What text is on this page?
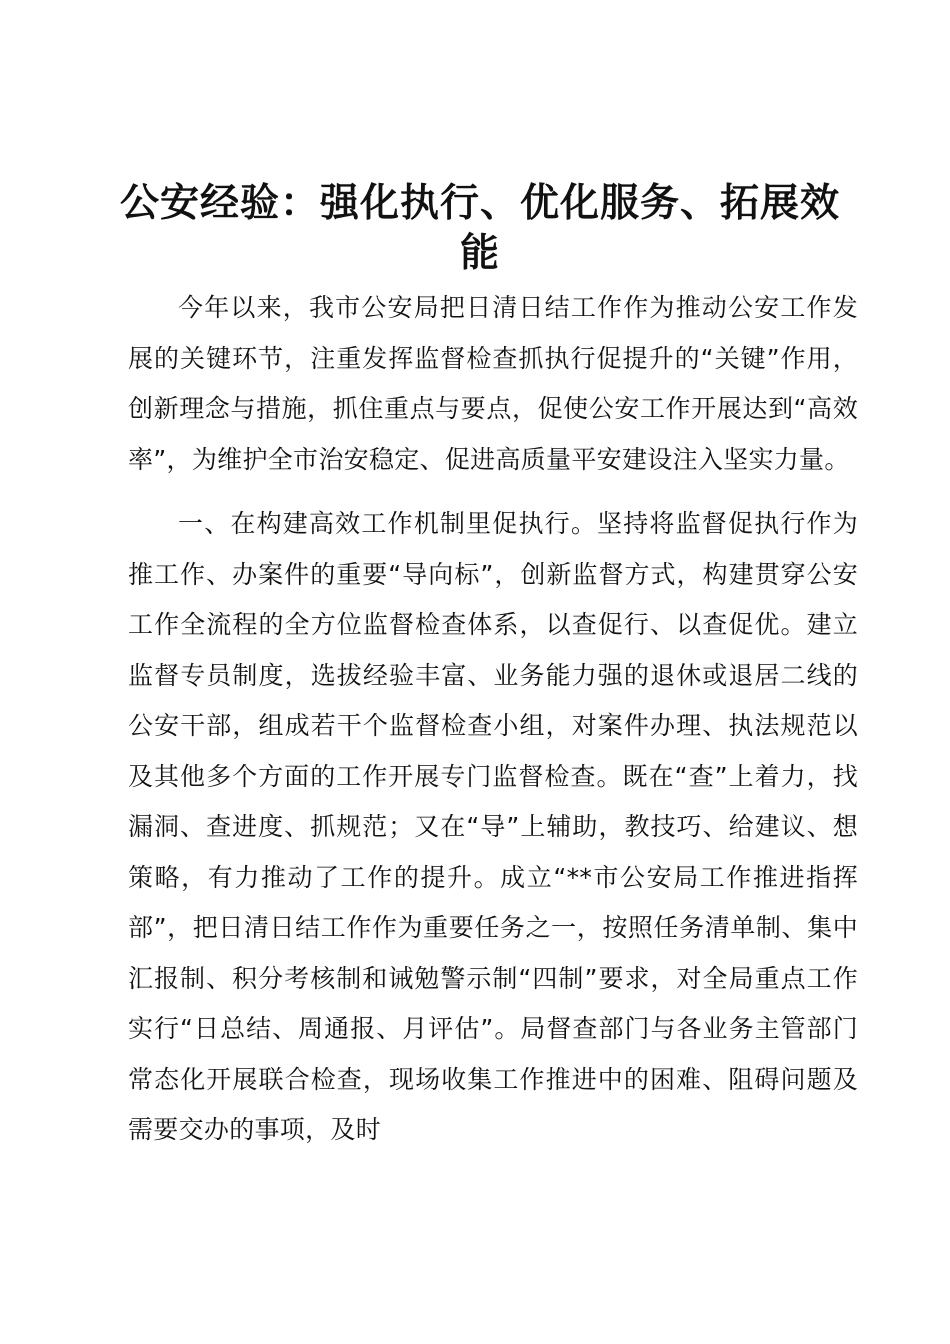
公安经验：强化执行、优化服务、拓展效能

今年以来，我市公安局把日清日结工作作为推动公安工作发展的关键环节，注重发挥监督检查抓执行促提升的“关键”作用，创新理念与措施，抓住重点与要点，促使公安工作开展达到“高效率”，为维护全市治安稳定、促进高质量平安建设注入坚实力量。

一、在构建高效工作机制里促执行。坚持将监督促执行作为推工作、办案件的重要“导向标”，创新监督方式，构建贯穿公安工作全流程的全方位监督检查体系，以查促行、以查促优。建立监督专员制度，选拔经验丰富、业务能力强的退休或退居二线的公安干部，组成若干个监督检查小组，对案件办理、执法规范以及其他多个方面的工作开展专门监督检查。既在“查”上着力，找漏洞、查进度、抓规范；又在“导”上辅助，教技巧、给建议、想策略，有力推动了工作的提升。成立“**市公安局工作推进指挥部”，把日清日结工作作为重要任务之一，按照任务清单制、集中汇报制、积分考核制和诫勉警示制“四制”要求，对全局重点工作实行“日总结、周通报、月评估”。局督查部门与各业务主管部门常态化开展联合检查，现场收集工作推进中的困难、阻碍问题及需要交办的事项，及时
